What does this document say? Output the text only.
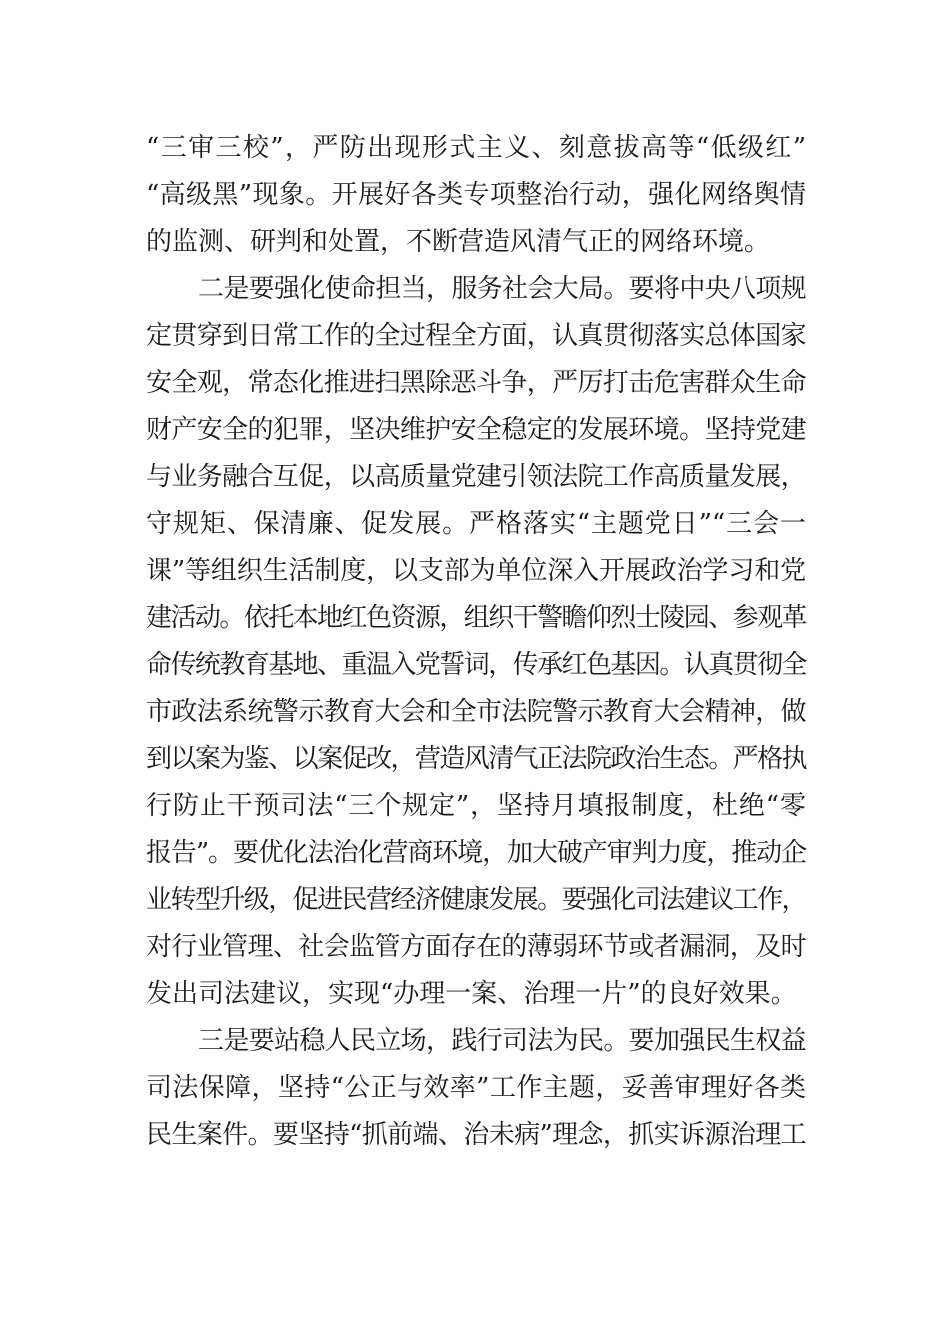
“三审三校”，严防出现形式主义、刻意拔高等“低级红”
“高级黑”现象。开展好各类专项整治行动，强化网络舆情
的监测、研判和处置，不断营造风清气正的网络环境。
二是要强化使命担当，服务社会大局。要将中央八项规
定贯穿到日常工作的全过程全方面，认真贯彻落实总体国家
安全观，常态化推进扫黑除恶斗争，严厉打击危害群众生命
财产安全的犯罪，坚决维护安全稳定的发展环境。坚持党建
与业务融合互促，以高质量党建引领法院工作高质量发展，
守规矩、保清廉、促发展。严格落实“主题党日”“三会一
课”等组织生活制度，以支部为单位深入开展政治学习和党
建活动。依托本地红色资源，组织干警瞻仰烈士陵园、参观革
命传统教育基地、重温入党誓词，传承红色基因。认真贯彻全
市政法系统警示教育大会和全市法院警示教育大会精神，做
到以案为鉴、以案促改，营造风清气正法院政治生态。严格执
行防止干预司法“三个规定”，坚持月填报制度，杜绝“零
报告”。要优化法治化营商环境，加大破产审判力度，推动企
业转型升级，促进民营经济健康发展。要强化司法建议工作，
对行业管理、社会监管方面存在的薄弱环节或者漏洞，及时
发出司法建议，实现“办理一案、治理一片”的良好效果。
三是要站稳人民立场，践行司法为民。要加强民生权益
司法保障，坚持“公正与效率”工作主题，妥善审理好各类
民生案件。要坚持“抓前端、治未病”理念，抓实诉源治理工
